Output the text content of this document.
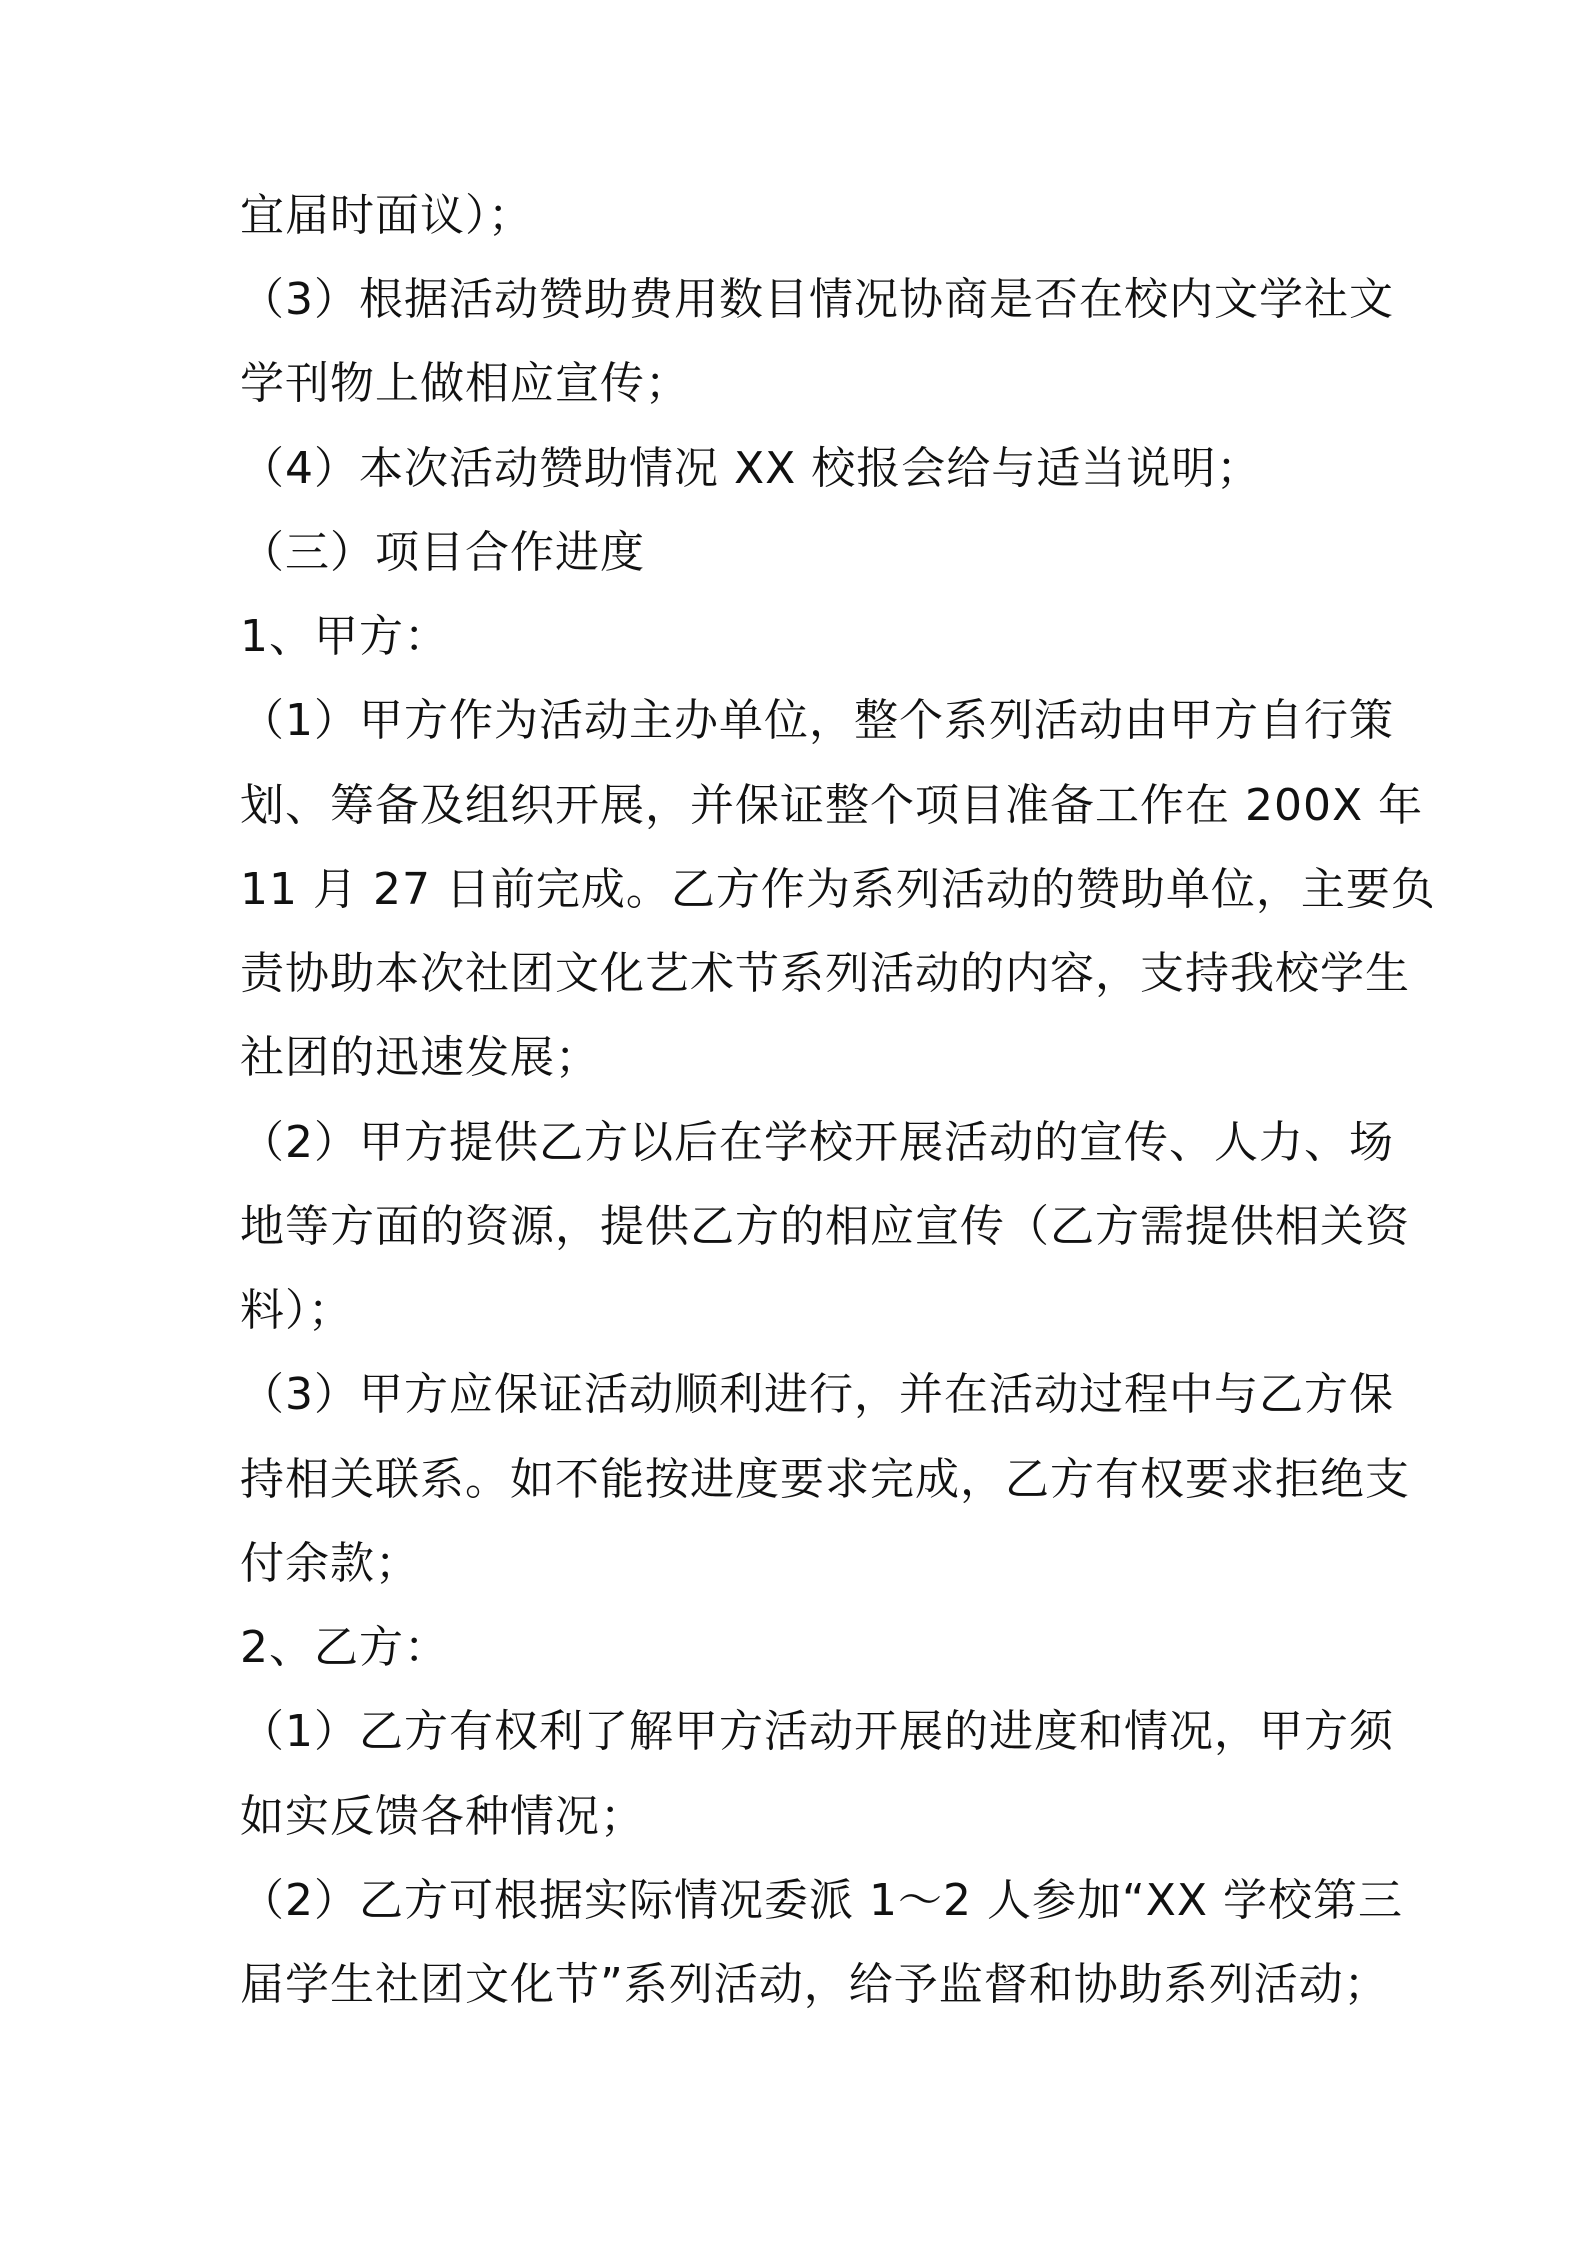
宜届时面议）；
（3）根据活动赞助费用数目情况协商是否在校内文学社文
学刊物上做相应宣传；
（4）本次活动赞助情况 XX 校报会给与适当说明；
（三）项目合作进度
1、甲方：
（1）甲方作为活动主办单位，整个系列活动由甲方自行策
划、筹备及组织开展，并保证整个项目准备工作在 200X 年
11 月 27 日前完成。乙方作为系列活动的赞助单位，主要负
责协助本次社团文化艺术节系列活动的内容，支持我校学生
社团的迅速发展；
（2）甲方提供乙方以后在学校开展活动的宣传、人力、场
地等方面的资源，提供乙方的相应宣传（乙方需提供相关资
料）；
（3）甲方应保证活动顺利进行，并在活动过程中与乙方保
持相关联系。如不能按进度要求完成，乙方有权要求拒绝支
付余款；
2、乙方：
（1）乙方有权利了解甲方活动开展的进度和情况，甲方须
如实反馈各种情况；
（2）乙方可根据实际情况委派 1～2 人参加“XX 学校第三
届学生社团文化节”系列活动，给予监督和协助系列活动；
